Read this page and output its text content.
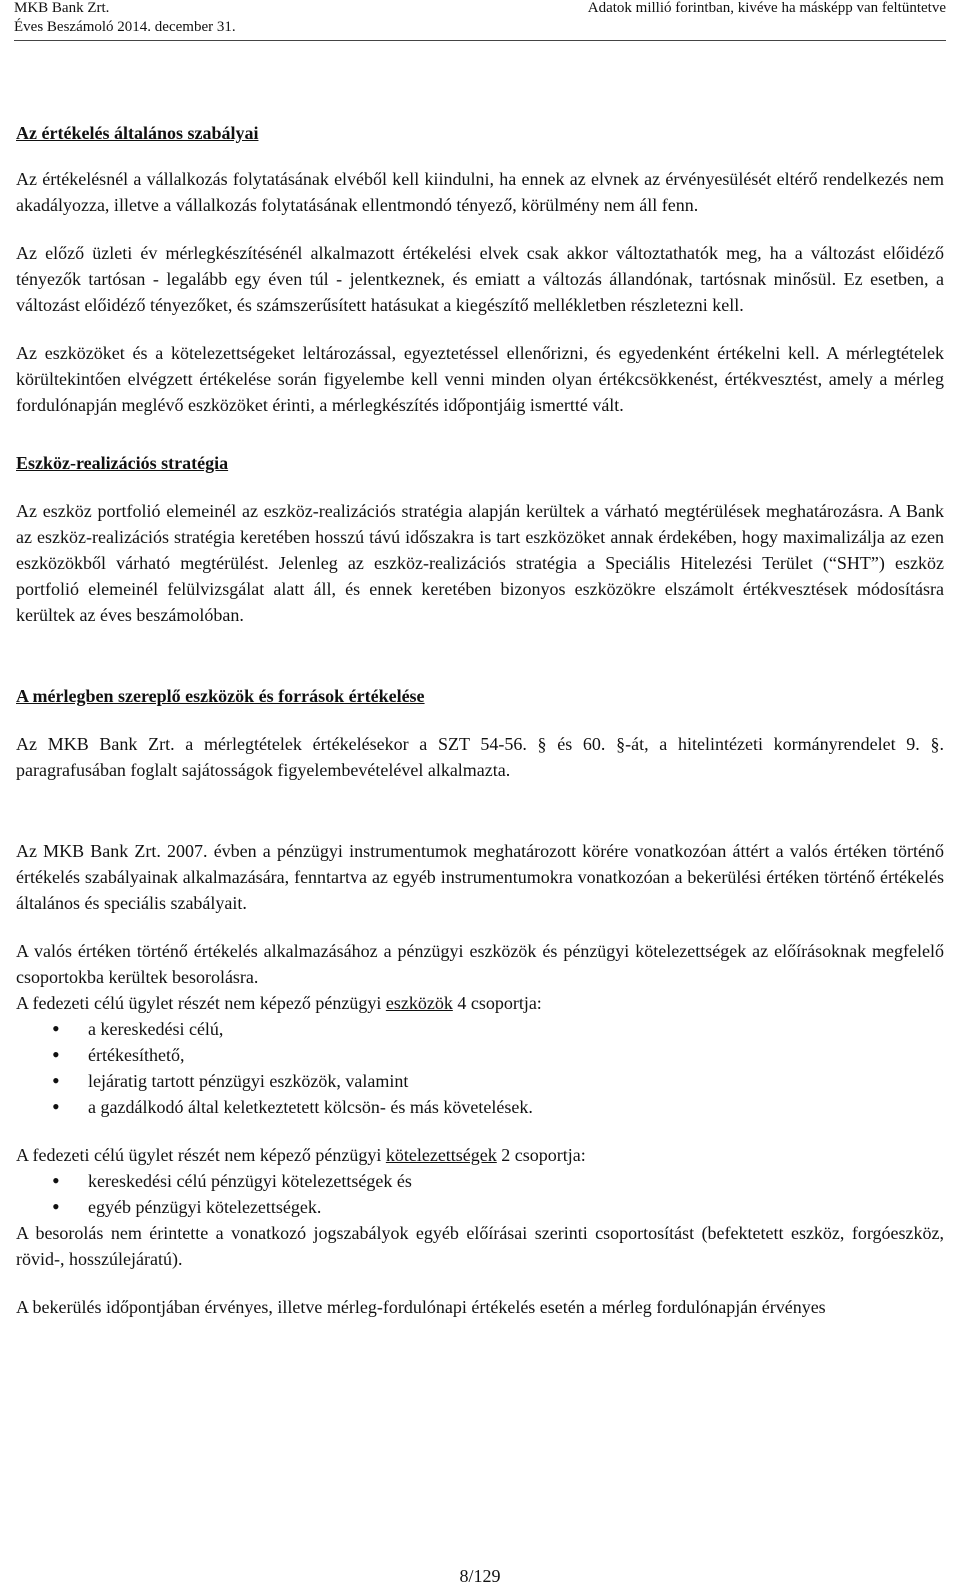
MKB Bank Zrt.
Éves Beszámoló 2014. december 31.
Adatok millió forintban, kivéve ha másképp van feltüntetve
Az értékelés általános szabályai

Az értékelésnél a vállalkozás folytatásának elvéből kell kiindulni, ha ennek az elvnek az érvényesülését eltérő rendelkezés nem akadályozza, illetve a vállalkozás folytatásának ellentmondó tényező, körülmény nem áll fenn.

Az előző üzleti év mérlegkészítésénél alkalmazott értékelési elvek csak akkor változtathatók meg, ha a változást előidéző tényezők tartósan - legalább egy éven túl - jelentkeznek, és emiatt a változás állandónak, tartósnak minősül. Ez esetben, a változást előidéző tényezőket, és számszerűsített hatásukat a kiegészítő mellékletben részletezni kell.

Az eszközöket és a kötelezettségeket leltározással, egyeztetéssel ellenőrizni, és egyedenként értékelni kell. A mérlegtételek körültekintően elvégzett értékelése során figyelembe kell venni minden olyan értékcsökkenést, értékvesztést, amely a mérleg fordulónapján meglévő eszközöket érinti, a mérlegkészítés időpontjáig ismertté vált.

Eszköz-realizációs stratégia

Az eszköz portfolió elemeinél az eszköz-realizációs stratégia alapján kerültek a várható megtérülések meghatározásra. A Bank az eszköz-realizációs stratégia keretében hosszú távú időszakra is tart eszközöket annak érdekében, hogy maximalizálja az ezen eszközökből várható megtérülést. Jelenleg az eszköz-realizációs stratégia a Speciális Hitelezési Terület (“SHT”) eszköz portfolió elemeinél felülvizsgálat alatt áll, és ennek keretében bizonyos eszközökre elszámolt értékvesztések módosításra kerültek az éves beszámolóban.

A mérlegben szereplő eszközök és források értékelése

Az MKB Bank Zrt. a mérlegtételek értékelésekor a SZT 54-56. § és 60. §-át, a hitelintézeti kormányrendelet 9. §. paragrafusában foglalt sajátosságok figyelembevételével alkalmazta.

Az MKB Bank Zrt. 2007. évben a pénzügyi instrumentumok meghatározott körére vonatkozóan áttért a valós értéken történő értékelés szabályainak alkalmazására, fenntartva az egyéb instrumentumokra vonatkozóan a bekerülési értéken történő értékelés általános és speciális szabályait.

A valós értéken történő értékelés alkalmazásához a pénzügyi eszközök és pénzügyi kötelezettségek az előírásoknak megfelelő csoportokba kerültek besorolásra.

A fedezeti célú ügylet részét nem képező pénzügyi eszközök 4 csoportja:

• a kereskedési célú,
• értékesíthető,
• lejáratig tartott pénzügyi eszközök, valamint
• a gazdálkodó által keletkeztetett kölcsön- és más követelések.

A fedezeti célú ügylet részét nem képező pénzügyi kötelezettségek 2 csoportja:

• kereskedési célú pénzügyi kötelezettségek és
• egyéb pénzügyi kötelezettségek.

A besorolás nem érintette a vonatkozó jogszabályok egyéb előírásai szerinti csoportosítást (befektetett eszköz, forgóeszköz, rövid-, hosszúlejáratú).

A bekerülés időpontjában érvényes, illetve mérleg-fordulónapi értékelés esetén a mérleg fordulónapján érvényes

8/129
